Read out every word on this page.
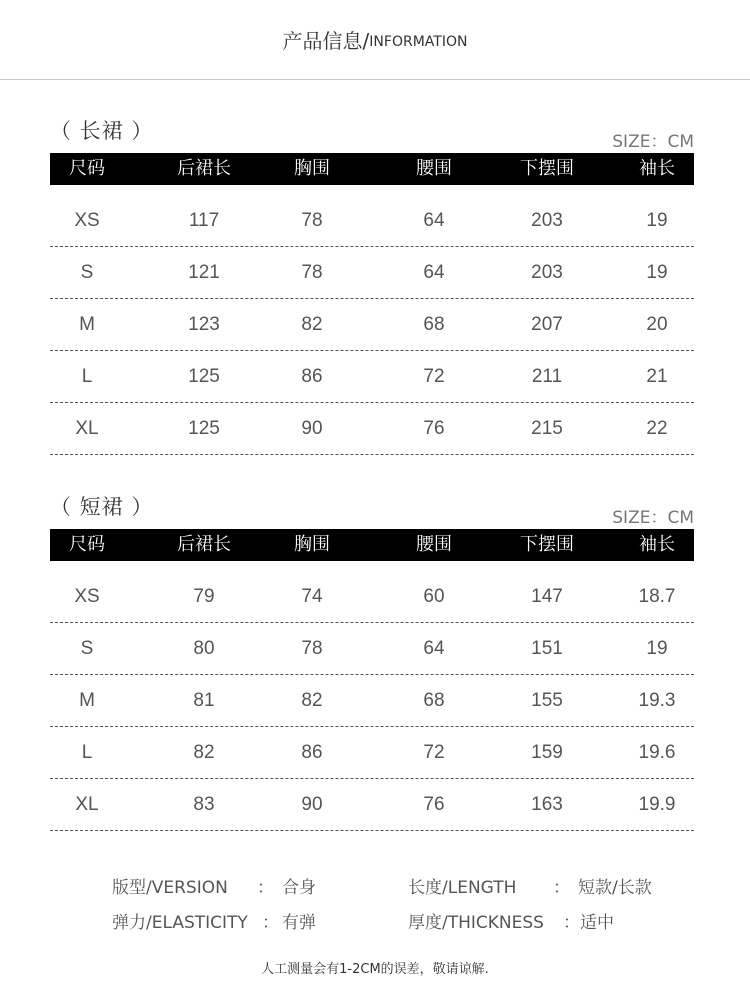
产品信息/ INFORMATION
（ 长裙 ）	SIZE：CM
尺码	后裙长	胸围	腰围	下摆围	袖长
XS	117	78	64	203	19
S	121	78	64	203	19
M	123	82	68	207	20
L	125	86	72	211	21
XL	125	90	76	215	22
（ 短裙 ）	SIZE：CM
尺码	后裙长	胸围	腰围	下摆围	袖长
XS	79	74	60	147	18.7
S	80	78	64	151	19
M	81	82	68	155	19.3
L	82	86	72	159	19.6
XL	83	90	76	163	19.9
版型/VERSION ： 合身	长度/LENGTH ： 短款/长款
弹力/ELASTICITY ： 有弹	厚度/THICKNESS ： 适中
人工测量会有1-2CM的误差，敬请谅解.
